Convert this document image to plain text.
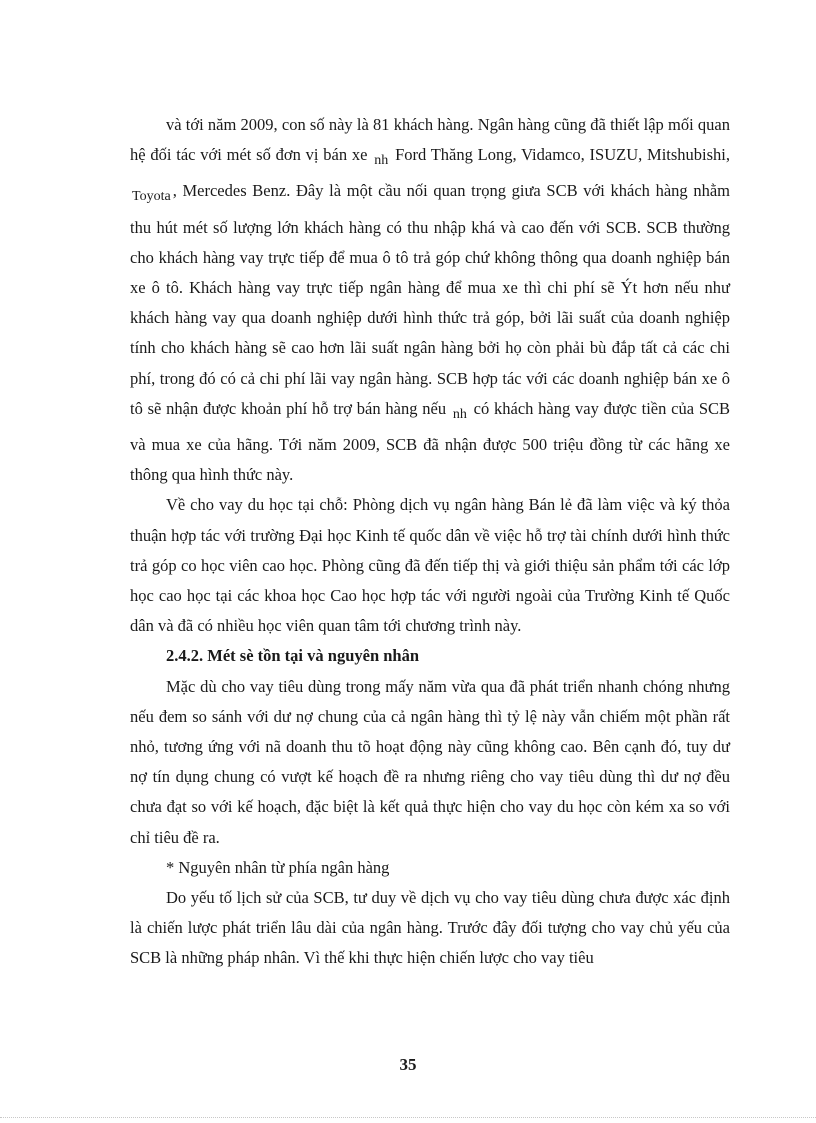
và tới năm 2009, con số này là 81 khách hàng. Ngân hàng cũng đã thiết lập mối quan hệ đối tác với mét số đơn vị bán xe $_{nh}$ Ford Thăng Long, Vidamco, ISUZU, Mitshubishi, $_{Toyota}$ , Mercedes Benz. Đây là một cầu nối quan trọng giưa SCB với khách hàng nhằm thu hút mét số lượng lớn khách hàng có thu nhập khá và cao đến với SCB. SCB thường cho khách hàng vay trực tiếp để mua ô tô trả góp chứ không thông qua doanh nghiệp bán xe ô tô. Khách hàng vay trực tiếp ngân hàng để mua xe thì chi phí sẽ Ýt hơn nếu như khách hàng vay qua doanh nghiệp dưới hình thức trả góp, bởi lãi suất của doanh nghiệp tính cho khách hàng sẽ cao hơn lãi suất ngân hàng bởi họ còn phải bù đắp tất cả các chi phí, trong đó có cả chi phí lãi vay ngân hàng. SCB hợp tác với các doanh nghiệp bán xe ô tô sẽ nhận được khoản phí hỗ trợ bán hàng nếu $_{nh}$ có khách hàng vay được tiền của SCB và mua xe của hãng. Tới năm 2009, SCB đã nhận được 500 triệu đồng từ các hãng xe thông qua hình thức này.

Về cho vay du học tại chỗ: Phòng dịch vụ ngân hàng Bán lẻ đã làm việc và ký thỏa thuận hợp tác với trường Đại học Kinh tế quốc dân về việc hỗ trợ tài chính dưới hình thức trả góp co học viên cao học. Phòng cũng đã đến tiếp thị và giới thiệu sản phẩm tới các lớp học cao học tại các khoa học Cao học hợp tác với người ngoài của Trường Kinh tế Quốc dân và đã có nhiều học viên quan tâm tới chương trình này.

2.4.2. Mét sè tồn tại và nguyên nhân

Mặc dù cho vay tiêu dùng trong mấy năm vừa qua đã phát triển nhanh chóng nhưng nếu đem so sánh với dư nợ chung của cả ngân hàng thì tỷ lệ này vẫn chiếm một phần rất nhỏ, tương ứng với nã doanh thu tõ hoạt động này cũng không cao. Bên cạnh đó, tuy dư nợ tín dụng chung có vượt kế hoạch đề ra nhưng riêng cho vay tiêu dùng thì dư nợ đều chưa đạt so với kế hoạch, đặc biệt là kết quả thực hiện cho vay du học còn kém xa so với chỉ tiêu đề ra.

* Nguyên nhân từ phía ngân hàng

Do yếu tố lịch sử của SCB, tư duy về dịch vụ cho vay tiêu dùng chưa được xác định là chiến lược phát triển lâu dài của ngân hàng. Trước đây đối tượng cho vay chủ yếu của SCB là những pháp nhân. Vì thế khi thực hiện chiến lược cho vay tiêu

35
